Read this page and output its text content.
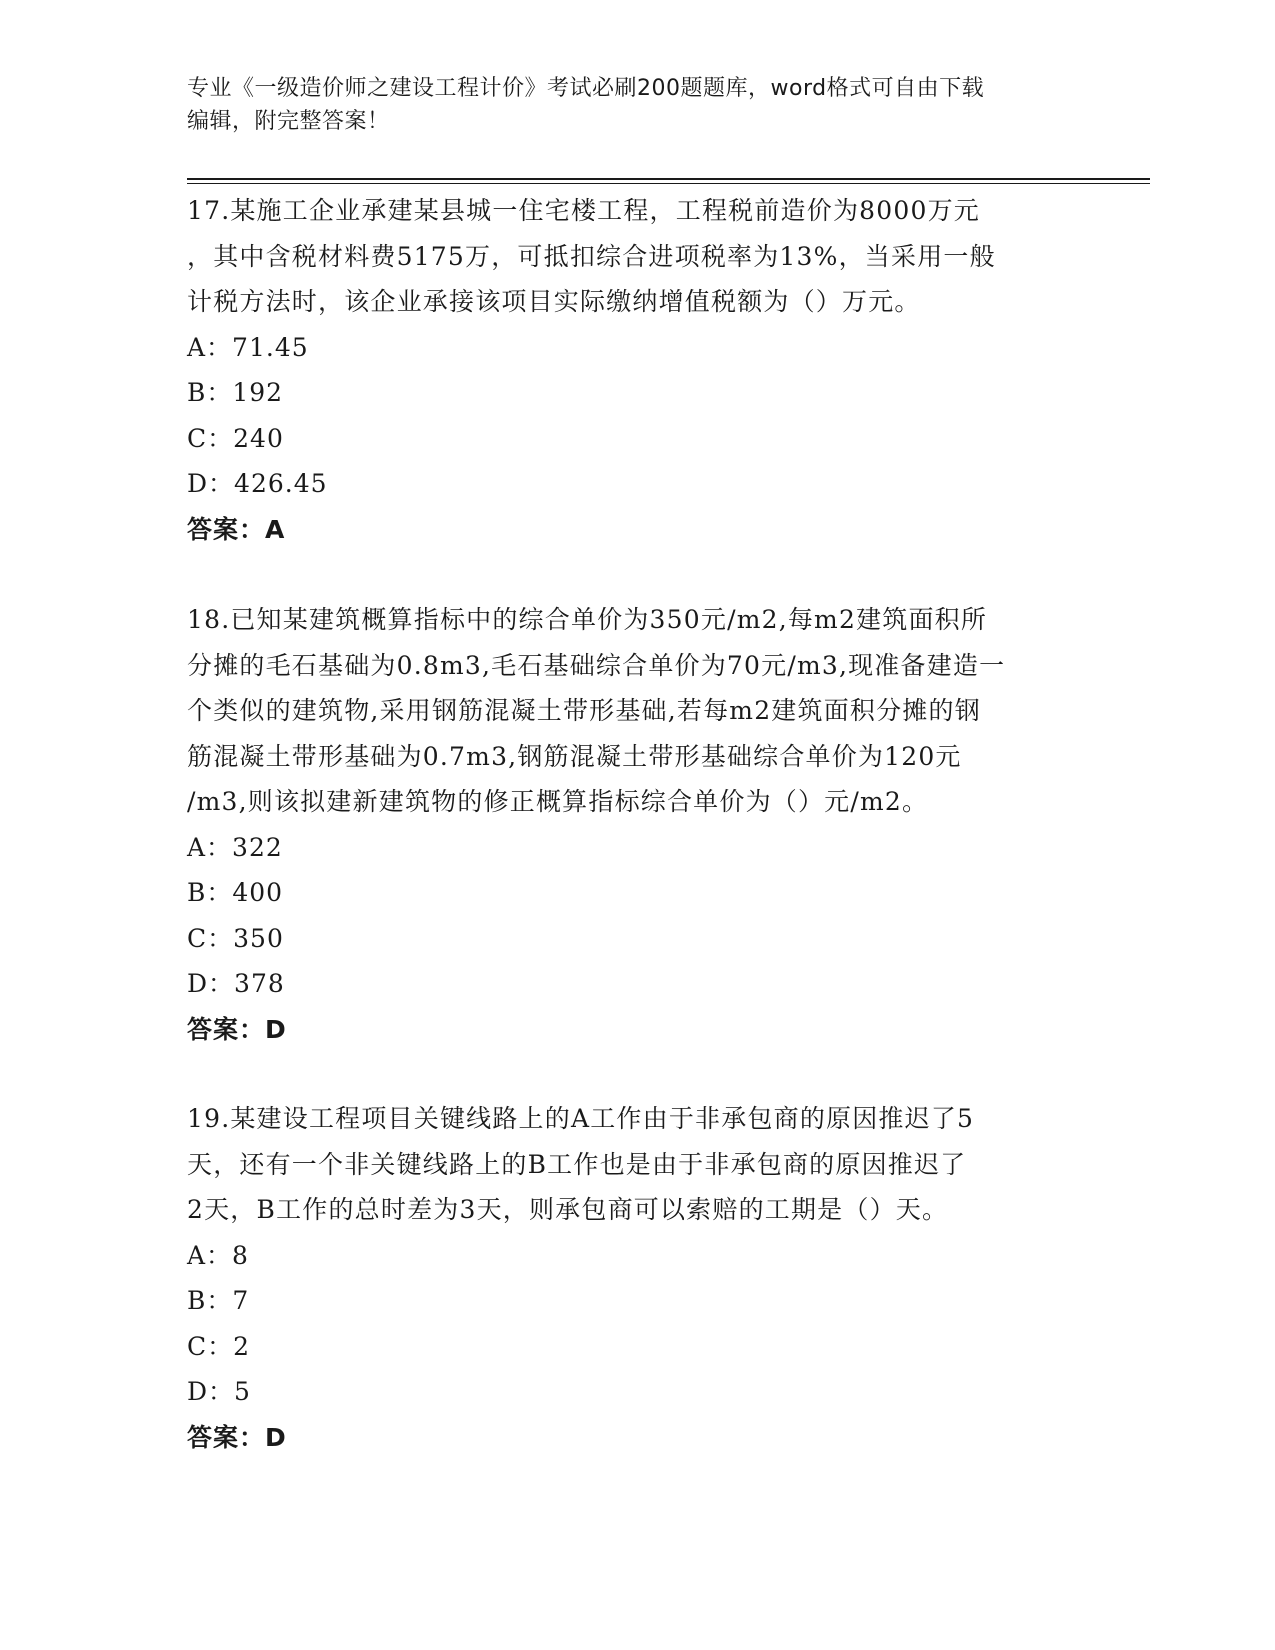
专业《一级造价师之建设工程计价》考试必刷200题题库，word格式可自由下载
编辑，附完整答案！

17.某施工企业承建某县城一住宅楼工程，工程税前造价为8000万元

，其中含税材料费5175万，可抵扣综合进项税率为13%，当采用一般

计税方法时，该企业承接该项目实际缴纳增值税额为（）万元。

A：71.45

B：192

C：240

D：426.45

答案：A

18.已知某建筑概算指标中的综合单价为350元/m2,每m2建筑面积所

分摊的毛石基础为0.8m3,毛石基础综合单价为70元/m3,现准备建造一

个类似的建筑物,采用钢筋混凝土带形基础,若每m2建筑面积分摊的钢

筋混凝土带形基础为0.7m3,钢筋混凝土带形基础综合单价为120元

/m3,则该拟建新建筑物的修正概算指标综合单价为（）元/m2。

A：322

B：400

C：350

D：378

答案：D

19.某建设工程项目关键线路上的A工作由于非承包商的原因推迟了5

天，还有一个非关键线路上的B工作也是由于非承包商的原因推迟了

2天，B工作的总时差为3天，则承包商可以索赔的工期是（）天。

A：8

B：7

C：2

D：5

答案：D
